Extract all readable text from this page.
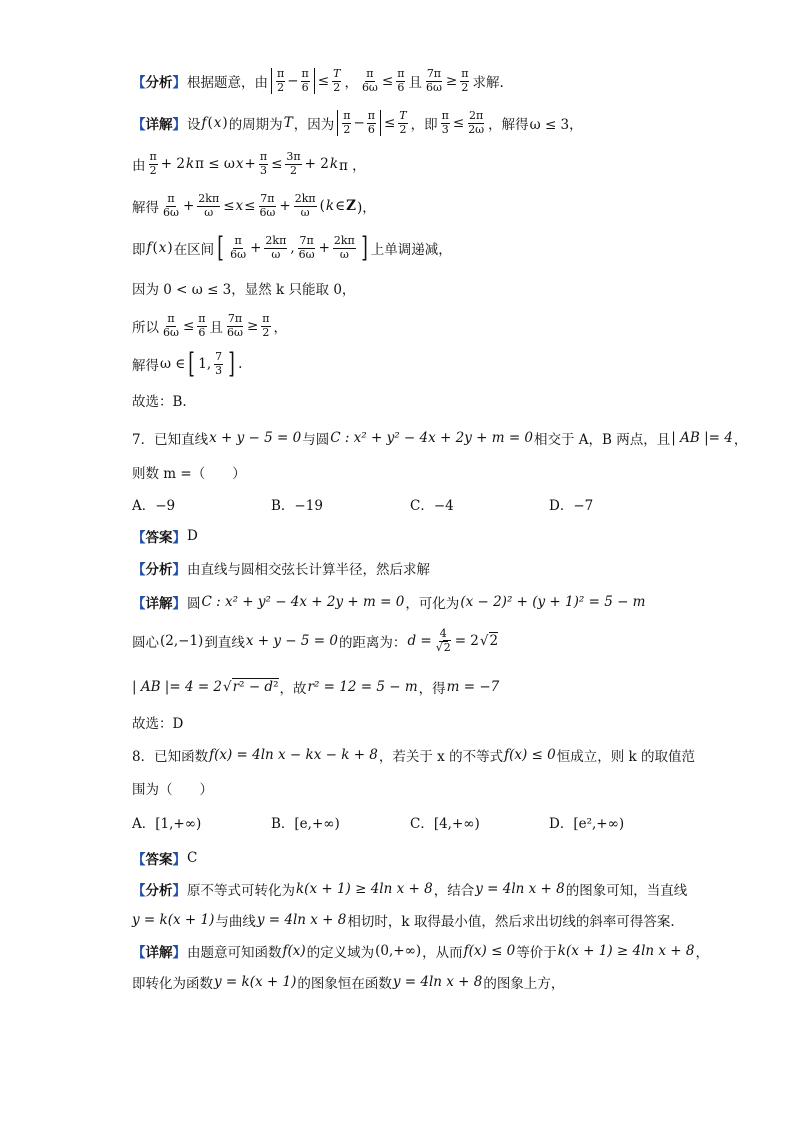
【分析】 根据题意，由 $\frac{\pi}{2} - \frac{\pi}{6} \le \frac{T}{2}$ ， $\frac{\pi}{6\omega} \le \frac{\pi}{6}$ 且 $\frac{7\pi}{6\omega} \ge \frac{\pi}{2}$ 求解.
【详解】 设 f ( x ) 的周期为 T ，因为 $\frac{\pi}{2} - \frac{\pi}{6} \le \frac{T}{2}$ ，即 $\frac{\pi}{3} \le \frac{2\pi}{2\omega}$ ，解得 ω ≤ 3，
由 $\frac{\pi}{2} + 2$ k π ≤ ω $x + \frac{\pi}{3} \le \frac{3\pi}{2} + 2$ k π ，
解得 $\frac{\pi}{6\omega} + \frac{2k\pi}{\omega} \le x \le \frac{7\pi}{6\omega} + \frac{2k\pi}{\omega}$ ( k ∈ Z )，
即 f ( x ) 在区间 [ $\frac{\pi}{6\omega} + \frac{2k\pi}{\omega}$ , $\frac{7\pi}{6\omega} + \frac{2k\pi}{\omega}$ ] 上单调递减，
因为 0 < ω ≤ 3，显然 k 只能取 0，
所以 $\frac{\pi}{6\omega} \le \frac{\pi}{6}$ 且 $\frac{7\pi}{6\omega} \ge \frac{\pi}{2}$ ，
解得 ω ∈ [ 1, $\frac{7}{3}$ ] .
故选：B.
7．已知直线 x + y − 5 = 0 与圆 C : x² + y² − 4x + 2y + m = 0 相交于 A，B 两点，且 | AB |= 4 ，
则数 m =（　　）
A．−9	B．−19	C．−4	D．−7
【答案】 D
【分析】 由直线与圆相交弦长计算半径，然后求解
【详解】 圆 C : x² + y² − 4x + 2y + m = 0 ，可化为 (x − 2)² + (y + 1)² = 5 − m
圆心 (2,−1) 到直线 x + y − 5 = 0 的距离为： $d = \frac{4}{√2} = 2$ √2
| AB |= 4 = 2 √r² − d² ，故 r² = 12 = 5 − m ，得 m = −7
故选：D
8．已知函数 f(x) = 4ln x − kx − k + 8 ，若关于 x 的不等式 f(x) ≤ 0 恒成立，则 k 的取值范
围为（　　）
A．[1,+∞)	B．[e,+∞)	C．[4,+∞)	D．[e²,+∞)
【答案】 C
【分析】 原不等式可转化为 k(x + 1) ≥ 4ln x + 8 ，结合 y = 4ln x + 8 的图象可知，当直线
y = k(x + 1) 与曲线 y = 4ln x + 8 相切时，k 取得最小值，然后求出切线的斜率可得答案.
【详解】 由题意可知函数 f(x) 的定义域为 (0,+∞) ，从而 f(x) ≤ 0 等价于 k(x + 1) ≥ 4ln x + 8 ，
即转化为函数 y = k(x + 1) 的图象恒在函数 y = 4ln x + 8 的图象上方，
